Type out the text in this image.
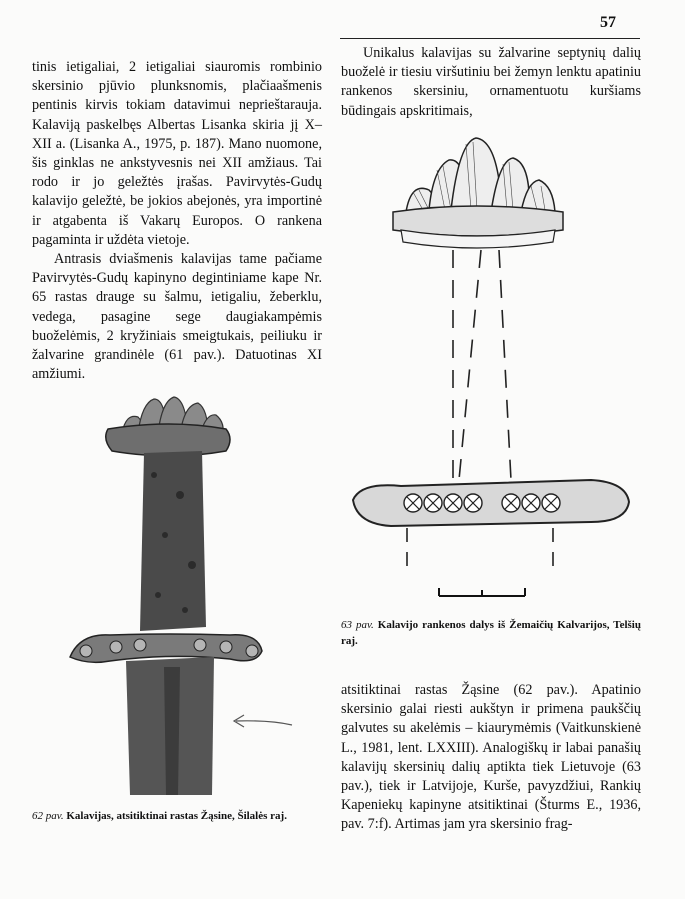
57

tinis ietigaliai, 2 ietigaliai siauromis rombinio skersinio pjūvio plunksnomis, plačiaašmenis pentinis kirvis tokiam datavimui neprieštarauja. Kalaviją paskelbęs Albertas Lisanka skiria jį X–XII a. (Lisanka A., 1975, p. 187). Mano nuomone, šis ginklas ne ankstyvesnis nei XII amžiaus. Tai rodo ir jo geležtės įrašas. Pavirvytės-Gudų kalavijo geležtė, be jokios abejonės, yra importinė ir atgabenta iš Vakarų Europos. O rankena pagaminta ir uždėta vietoje.

Antrasis dviašmenis kalavijas tame pačiame Pavirvytės-Gudų kapinyno degintiniame kape Nr. 65 rastas drauge su šalmu, ietigaliu, žeberklu, vedega, pasagine sege daugiakampėmis buoželėmis, 2 kryžiniais smeigtukais, peiliuku ir žalvarine grandinėle (61 pav.). Datuotinas XI amžiumi.

Unikalus kalavijas su žalvarine septynių dalių buoželė ir tiesiu viršutiniu bei žemyn lenktu apatiniu rankenos skersiniu, ornamentuotu kuršiams būdingais apskritimais,

63 pav. Kalavijo rankenos dalys iš Žemaičių Kalvarijos, Telšių raj.
62 pav. Kalavijas, atsitiktinai rastas Žąsine, Šilalės raj.

atsitiktinai rastas Žąsine (62 pav.). Apatinio skersinio galai riesti aukštyn ir primena paukščių galvutes su akelėmis – kiaurymėmis (Vaitkunskienė L., 1981, lent. LXXIII). Analogiškų ir labai panašių kalavijų skersinių dalių aptikta tiek Lietuvoje (63 pav.), tiek ir Latvijoje, Kurše, pavyzdžiui, Rankių Kapeniekų kapinyne atsitiktinai (Šturms E., 1936, pav. 7:f). Artimas jam yra skersinio frag-
